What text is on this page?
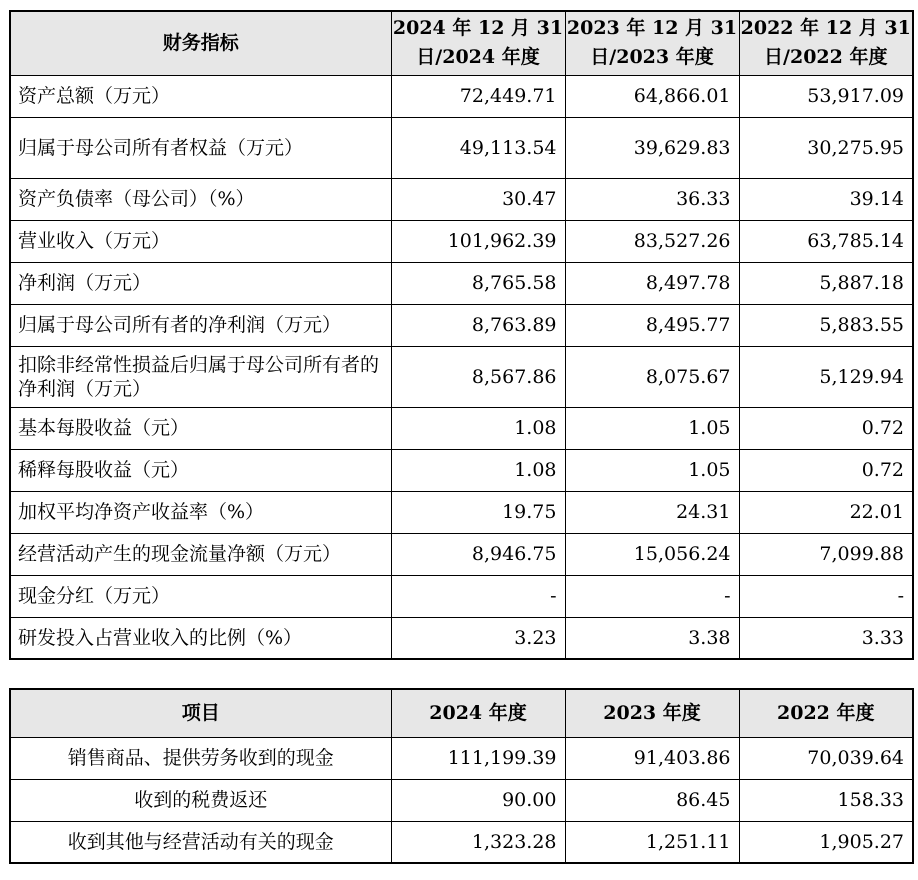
财务指标	2024 年 12 月 31 日/2024 年度	2023 年 12 月 31 日/2023 年度	2022 年 12 月 31 日/2022 年度
资产总额（万元）	72,449.71	64,866.01	53,917.09
归属于母公司所有者权益（万元）	49,113.54	39,629.83	30,275.95
资产负债率（母公司）（%）	30.47	36.33	39.14
营业收入（万元）	101,962.39	83,527.26	63,785.14
净利润（万元）	8,765.58	8,497.78	5,887.18
归属于母公司所有者的净利润（万元）	8,763.89	8,495.77	5,883.55
扣除非经常性损益后归属于母公司所有者的净利润（万元）	8,567.86	8,075.67	5,129.94
基本每股收益（元）	1.08	1.05	0.72
稀释每股收益（元）	1.08	1.05	0.72
加权平均净资产收益率（%）	19.75	24.31	22.01
经营活动产生的现金流量净额（万元）	8,946.75	15,056.24	7,099.88
现金分红（万元）	-	-	-
研发投入占营业收入的比例（%）	3.23	3.38	3.33
项目	2024 年度	2023 年度	2022 年度
销售商品、提供劳务收到的现金	111,199.39	91,403.86	70,039.64
收到的税费返还	90.00	86.45	158.33
收到其他与经营活动有关的现金	1,323.28	1,251.11	1,905.27
